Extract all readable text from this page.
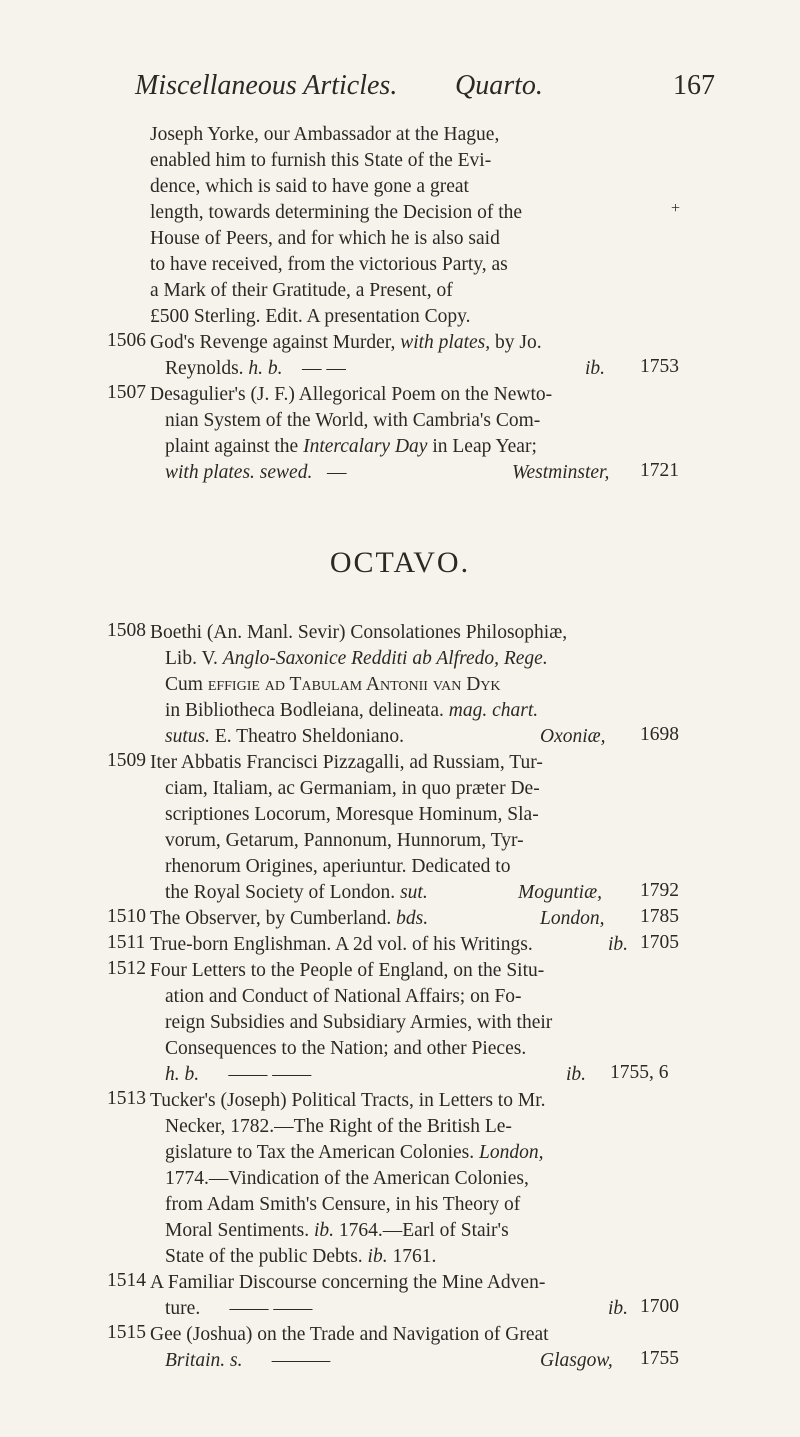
Miscellaneous Articles. Quarto.	167
Joseph Yorke, our Ambassador at the Hague,
enabled him to furnish this State of the Evi-
dence, which is said to have gone a great
length, towards determining the Decision of the
House of Peers, and for which he is also said
to have received, from the victorious Party, as
a Mark of their Gratitude, a Present, of
£500 Sterling. Edit. A presentation Copy.
+
1506 God's Revenge against Murder, with plates, by Jo.
Reynolds. h. b. — —	ib. 1753
1507 Desagulier's (J. F.) Allegorical Poem on the Newto-
nian System of the World, with Cambria's Com-
plaint against the Intercalary Day in Leap Year;
with plates. sewed. —	Westminster, 1721
OCTAVO.
1508 Boethi (An. Manl. Sevir) Consolationes Philosophiæ,
Lib. V. Anglo-Saxonice Redditi ab Alfredo, Rege.
Cum effigie ad Tabulam Antonii van Dyk
in Bibliotheca Bodleiana, delineata. mag. chart.
sutus. E. Theatro Sheldoniano.	Oxoniæ, 1698
1509 Iter Abbatis Francisci Pizzagalli, ad Russiam, Tur-
ciam, Italiam, ac Germaniam, in quo præter De-
scriptiones Locorum, Moresque Hominum, Sla-
vorum, Getarum, Pannonum, Hunnorum, Tyr-
rhenorum Origines, aperiuntur. Dedicated to
the Royal Society of London. sut.	Moguntiæ, 1792
1510 The Observer, by Cumberland. bds.	London, 1785
1511 True-born Englishman. A 2d vol. of his Writings.	ib. 1705
1512 Four Letters to the People of England, on the Situ-
ation and Conduct of National Affairs; on Fo-
reign Subsidies and Subsidiary Armies, with their
Consequences to the Nation; and other Pieces.
h. b. —— ——	ib. 1755, 6
1513 Tucker's (Joseph) Political Tracts, in Letters to Mr.
Necker, 1782.—The Right of the British Le-
gislature to Tax the American Colonies. London,
1774.—Vindication of the American Colonies,
from Adam Smith's Censure, in his Theory of
Moral Sentiments. ib. 1764.—Earl of Stair's
State of the public Debts. ib. 1761.
1514 A Familiar Discourse concerning the Mine Adven-
ture. —— ——	ib. 1700
1515 Gee (Joshua) on the Trade and Navigation of Great
Britain. s. ———	Glasgow, 1755
